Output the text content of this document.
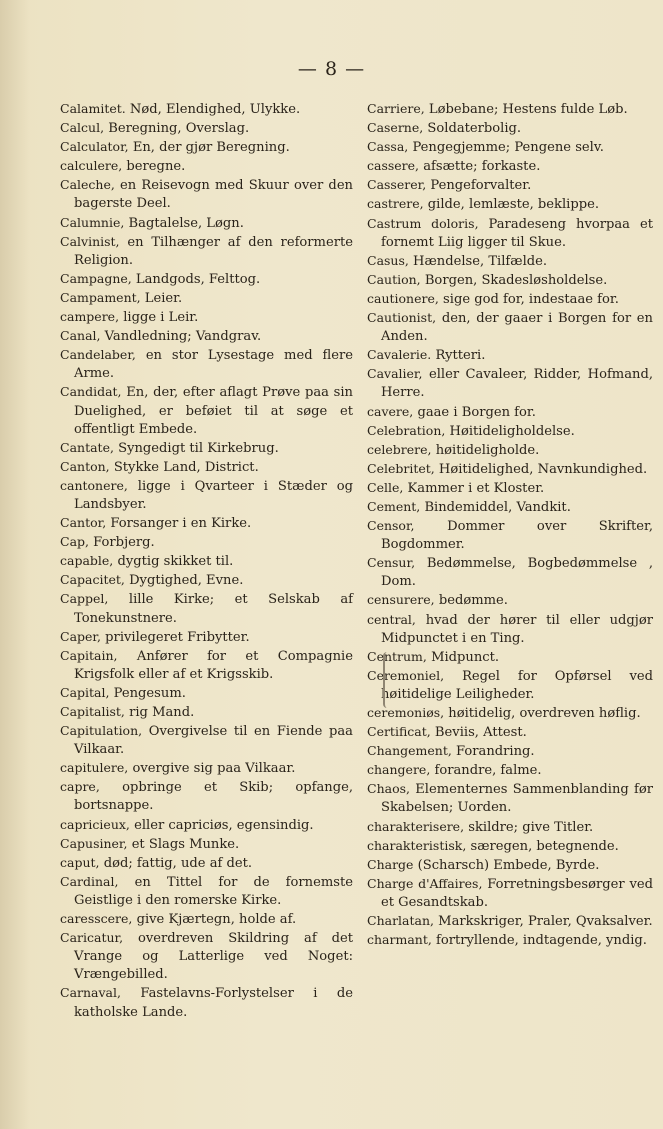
— 8 —
Calamitet. Nød, Elendighed, Ulykke.
Calcul, Beregning, Overslag.
Calculator, En, der gjør Beregning.
calculere, beregne.
Caleche, en Reisevogn med Skuur over den bagerste Deel.
Calumnie, Bagtalelse, Løgn.
Calvinist, en Tilhænger af den reformerte Religion.
Campagne, Landgods, Felttog.
Campament, Leier.
campere, ligge i Leir.
Canal, Vandledning; Vandgrav.
Candelaber, en stor Lysestage med flere Arme.
Candidat, En, der, efter aflagt Prøve paa sin Duelighed, er beføiet til at søge et offentligt Embede.
Cantate, Syngedigt til Kirkebrug.
Canton, Stykke Land, District.
cantonere, ligge i Qvarteer i Stæder og Landsbyer.
Cantor, Forsanger i en Kirke.
Cap, Forbjerg.
capable, dygtig skikket til.
Capacitet, Dygtighed, Evne.
Cappel, lille Kirke; et Selskab af Tonekunstnere.
Caper, privilegeret Fribytter.
Capitain, Anfører for et Compagnie Krigsfolk eller af et Krigsskib.
Capital, Pengesum.
Capitalist, rig Mand.
Capitulation, Overgivelse til en Fiende paa Vilkaar.
capitulere, overgive sig paa Vilkaar.
capre, opbringe et Skib; opfange, bortsnappe.
capricieux, eller capriciøs, egensindig.
Capusiner, et Slags Munke.
caput, død; fattig, ude af det.
Cardinal, en Tittel for de fornemste Geistlige i den romerske Kirke.
caresscere, give Kjærtegn, holde af.
Caricatur, overdreven Skildring af det Vrange og Latterlige ved Noget: Vrængebilled.
Carnaval, Fastelavns-Forlystelser i de katholske Lande.
Carriere, Løbebane; Hestens fulde Løb.
Caserne, Soldaterbolig.
Cassa, Pengegjemme; Pengene selv.
cassere, afsætte; forkaste.
Casserer, Pengeforvalter.
castrere, gilde, lemlæste, beklippe.
Castrum doloris, Paradeseng hvorpaa et fornemt Liig ligger til Skue.
Casus, Hændelse, Tilfælde.
Caution, Borgen, Skadesløsholdelse.
cautionere, sige god for, indestaae for.
Cautionist, den, der gaaer i Borgen for en Anden.
Cavalerie. Rytteri.
Cavalier, eller Cavaleer, Ridder, Hofmand, Herre.
cavere, gaae i Borgen for.
Celebration, Høitideligholdelse.
celebrere, høitideligholde.
Celebritet, Høitidelighed, Navnkundighed.
Celle, Kammer i et Kloster.
Cement, Bindemiddel, Vandkit.
Censor, Dommer over Skrifter, Bogdommer.
Censur, Bedømmelse, Bogbedømmelse , Dom.
censurere, bedømme.
central, hvad der hører til eller udgjør Midpunctet i en Ting.
Centrum, Midpunct.
Ceremoniel, Regel for Opførsel ved høitidelige Leiligheder.
ceremoniøs, høitidelig, overdreven høflig.
Certificat, Beviis, Attest.
Changement, Forandring.
changere, forandre, falme.
Chaos, Elementernes Sammenblanding før Skabelsen; Uorden.
charakterisere, skildre; give Titler.
charakteristisk, særegen, betegnende.
Charge (Scharsch) Embede, Byrde.
Charge d'Affaires, Forretningsbesørger ved et Gesandtskab.
Charlatan, Markskriger, Praler, Qvaksalver.
charmant, fortryllende, indtagende, yndig.
